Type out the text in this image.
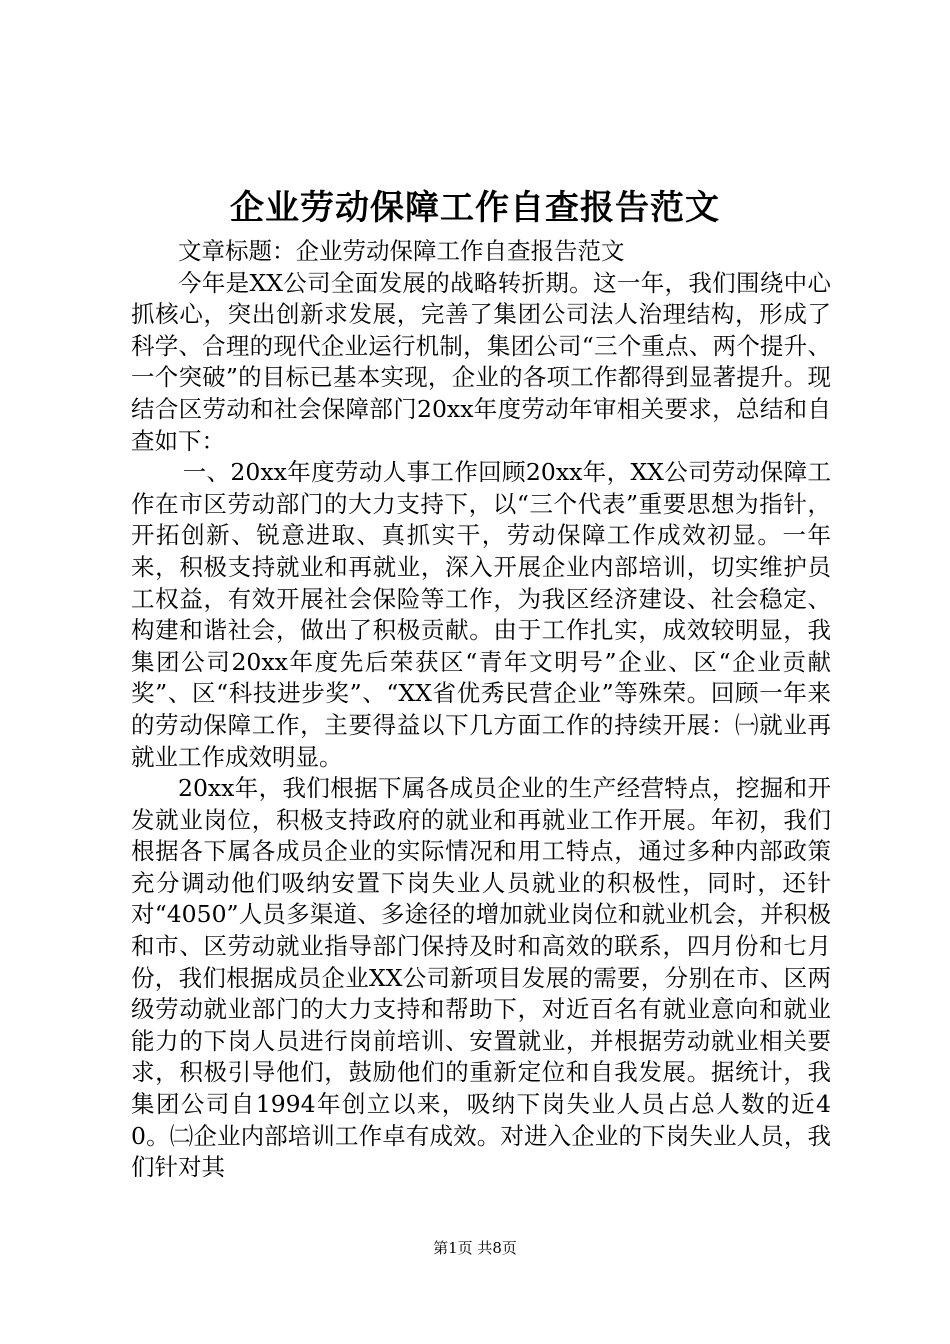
企业劳动保障工作自查报告范文

文章标题：企业劳动保障工作自查报告范文

今年是XX公司全面发展的战略转折期。这一年，我们围绕中心抓核心，突出创新求发展，完善了集团公司法人治理结构，形成了科学、合理的现代企业运行机制，集团公司“三个重点、两个提升、一个突破”的目标已基本实现，企业的各项工作都得到显著提升。现结合区劳动和社会保障部门20xx年度劳动年审相关要求，总结和自查如下：

一、20xx年度劳动人事工作回顾20xx年，XX公司劳动保障工作在市区劳动部门的大力支持下，以“三个代表”重要思想为指针，开拓创新、锐意进取、真抓实干，劳动保障工作成效初显。一年来，积极支持就业和再就业，深入开展企业内部培训，切实维护员工权益，有效开展社会保险等工作，为我区经济建设、社会稳定、构建和谐社会，做出了积极贡献。由于工作扎实，成效较明显，我集团公司20xx年度先后荣获区“青年文明号”企业、区“企业贡献奖”、区“科技进步奖”、“XX省优秀民营企业”等殊荣。回顾一年来的劳动保障工作，主要得益以下几方面工作的持续开展：㈠就业再就业工作成效明显。

20xx年，我们根据下属各成员企业的生产经营特点，挖掘和开发就业岗位，积极支持政府的就业和再就业工作开展。年初，我们根据各下属各成员企业的实际情况和用工特点，通过多种内部政策充分调动他们吸纳安置下岗失业人员就业的积极性，同时，还针对“4050”人员多渠道、多途径的增加就业岗位和就业机会，并积极和市、区劳动就业指导部门保持及时和高效的联系，四月份和七月份，我们根据成员企业XX公司新项目发展的需要，分别在市、区两级劳动就业部门的大力支持和帮助下，对近百名有就业意向和就业能力的下岗人员进行岗前培训、安置就业，并根据劳动就业相关要求，积极引导他们，鼓励他们的重新定位和自我发展。据统计，我集团公司自1994年创立以来，吸纳下岗失业人员占总人数的近40。㈡企业内部培训工作卓有成效。对进入企业的下岗失业人员，我们针对其

第1页 共8页
